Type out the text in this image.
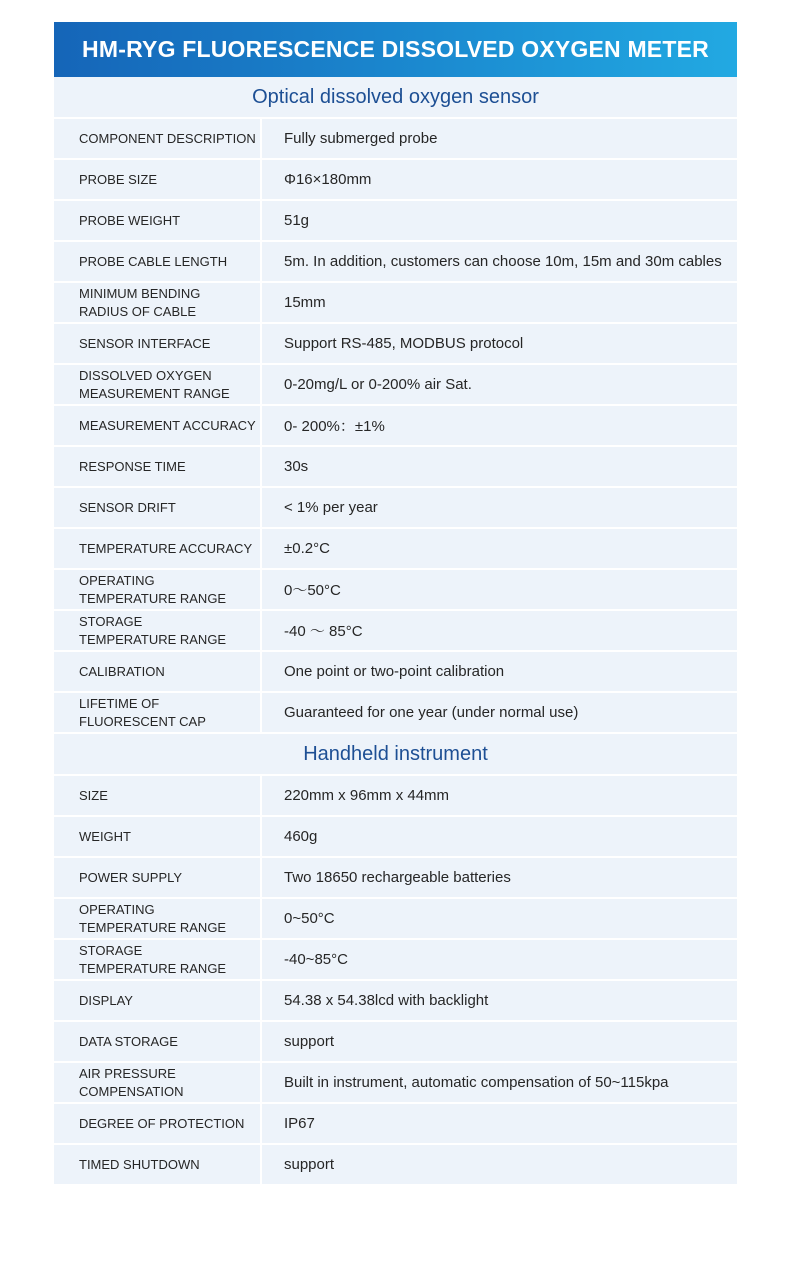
HM-RYG FLUORESCENCE DISSOLVED OXYGEN METER
Optical dissolved oxygen sensor
COMPONENT DESCRIPTION	Fully submerged probe
PROBE SIZE	Φ16×180mm
PROBE WEIGHT	51g
PROBE CABLE LENGTH	5m. In addition, customers can choose 10m, 15m and 30m cables
MINIMUM BENDING
RADIUS OF CABLE	15mm
SENSOR INTERFACE	Support RS-485, MODBUS protocol
DISSOLVED OXYGEN
MEASUREMENT RANGE	0-20mg/L or 0-200% air Sat.
MEASUREMENT ACCURACY	0- 200%：±1%
RESPONSE TIME	30s
SENSOR DRIFT	< 1% per year
TEMPERATURE ACCURACY	±0.2°C
OPERATING
TEMPERATURE RANGE	0～50°C
STORAGE
TEMPERATURE RANGE	-40 ～ 85°C
CALIBRATION	One point or two-point calibration
LIFETIME OF
FLUORESCENT CAP	Guaranteed for one year (under normal use)
Handheld instrument
SIZE	220mm x 96mm x 44mm
WEIGHT	460g
POWER SUPPLY	Two 18650 rechargeable batteries
OPERATING
TEMPERATURE RANGE	0~50°C
STORAGE
TEMPERATURE RANGE	-40~85°C
DISPLAY	54.38 x 54.38lcd with backlight
DATA STORAGE	support
AIR PRESSURE
COMPENSATION	Built in instrument, automatic compensation of 50~115kpa
DEGREE OF PROTECTION	IP67
TIMED SHUTDOWN	support
